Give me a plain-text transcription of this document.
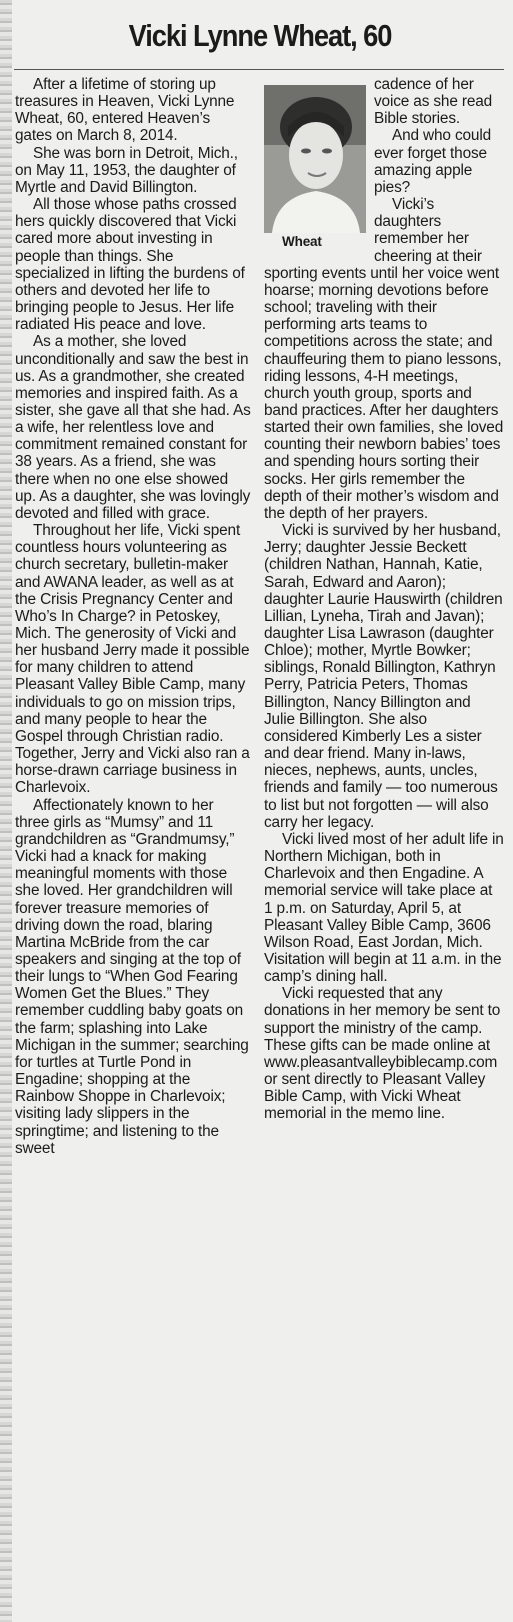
Vicki Lynne Wheat, 60

After a lifetime of storing up treasures in Heaven, Vicki Lynne Wheat, 60, entered Heaven’s gates on March 8, 2014.

She was born in Detroit, Mich., on May 11, 1953, the daughter of Myrtle and David Billington.

All those whose paths crossed hers quickly discovered that Vicki cared more about investing in people than things. She specialized in lifting the burdens of others and devoted her life to bringing people to Jesus. Her life radiated His peace and love.

As a mother, she loved unconditionally and saw the best in us. As a grandmother, she created memories and inspired faith. As a sister, she gave all that she had. As a wife, her relentless love and commitment remained constant for 38 years. As a friend, she was there when no one else showed up. As a daughter, she was lovingly devoted and filled with grace.

Throughout her life, Vicki spent countless hours volunteering as church secretary, bulletin-maker and AWANA leader, as well as at the Crisis Pregnancy Center and Who’s In Charge? in Petoskey, Mich. The generosity of Vicki and her husband Jerry made it possible for many children to attend Pleasant Valley Bible Camp, many individuals to go on mission trips, and many people to hear the Gospel through Christian radio. Together, Jerry and Vicki also ran a horse-drawn carriage business in Charlevoix.

Affectionately known to her three girls as “Mumsy” and 11 grandchildren as “Grandmumsy,” Vicki had a knack for making meaningful moments with those she loved. Her grandchildren will forever treasure memories of driving down the road, blaring Martina McBride from the car speakers and singing at the top of their lungs to “When God Fearing Women Get the Blues.” They remember cuddling baby goats on the farm; splashing into Lake Michigan in the summer; searching for turtles at Turtle Pond in Engadine; shopping at the Rainbow Shoppe in Charlevoix; visiting lady slippers in the springtime; and listening to the sweet

Wheat

cadence of her voice as she read Bible stories.

And who could ever forget those amazing apple pies?

Vicki’s daughters remember her cheering at their sporting events until her voice went hoarse; morning devotions before school; traveling with their performing arts teams to competitions across the state; and chauffeuring them to piano lessons, riding lessons, 4-H meetings, church youth group, sports and band practices. After her daughters started their own families, she loved counting their newborn babies’ toes and spending hours sorting their socks. Her girls remember the depth of their mother’s wisdom and the depth of her prayers.

Vicki is survived by her husband, Jerry; daughter Jessie Beckett (children Nathan, Hannah, Katie, Sarah, Edward and Aaron); daughter Laurie Hauswirth (children Lillian, Lyneha, Tirah and Javan); daughter Lisa Lawrason (daughter Chloe); mother, Myrtle Bowker; siblings, Ronald Billington, Kathryn Perry, Patricia Peters, Thomas Billington, Nancy Billington and Julie Billington. She also considered Kimberly Les a sister and dear friend. Many in-laws, nieces, nephews, aunts, uncles, friends and family — too numerous to list but not forgotten — will also carry her legacy.

Vicki lived most of her adult life in Northern Michigan, both in Charlevoix and then Engadine. A memorial service will take place at 1 p.m. on Saturday, April 5, at Pleasant Valley Bible Camp, 3606 Wilson Road, East Jordan, Mich. Visitation will begin at 11 a.m. in the camp’s dining hall.

Vicki requested that any donations in her memory be sent to support the ministry of the camp. These gifts can be made online at www.pleasantvalleybiblecamp.com or sent directly to Pleasant Valley Bible Camp, with Vicki Wheat memorial in the memo line.
